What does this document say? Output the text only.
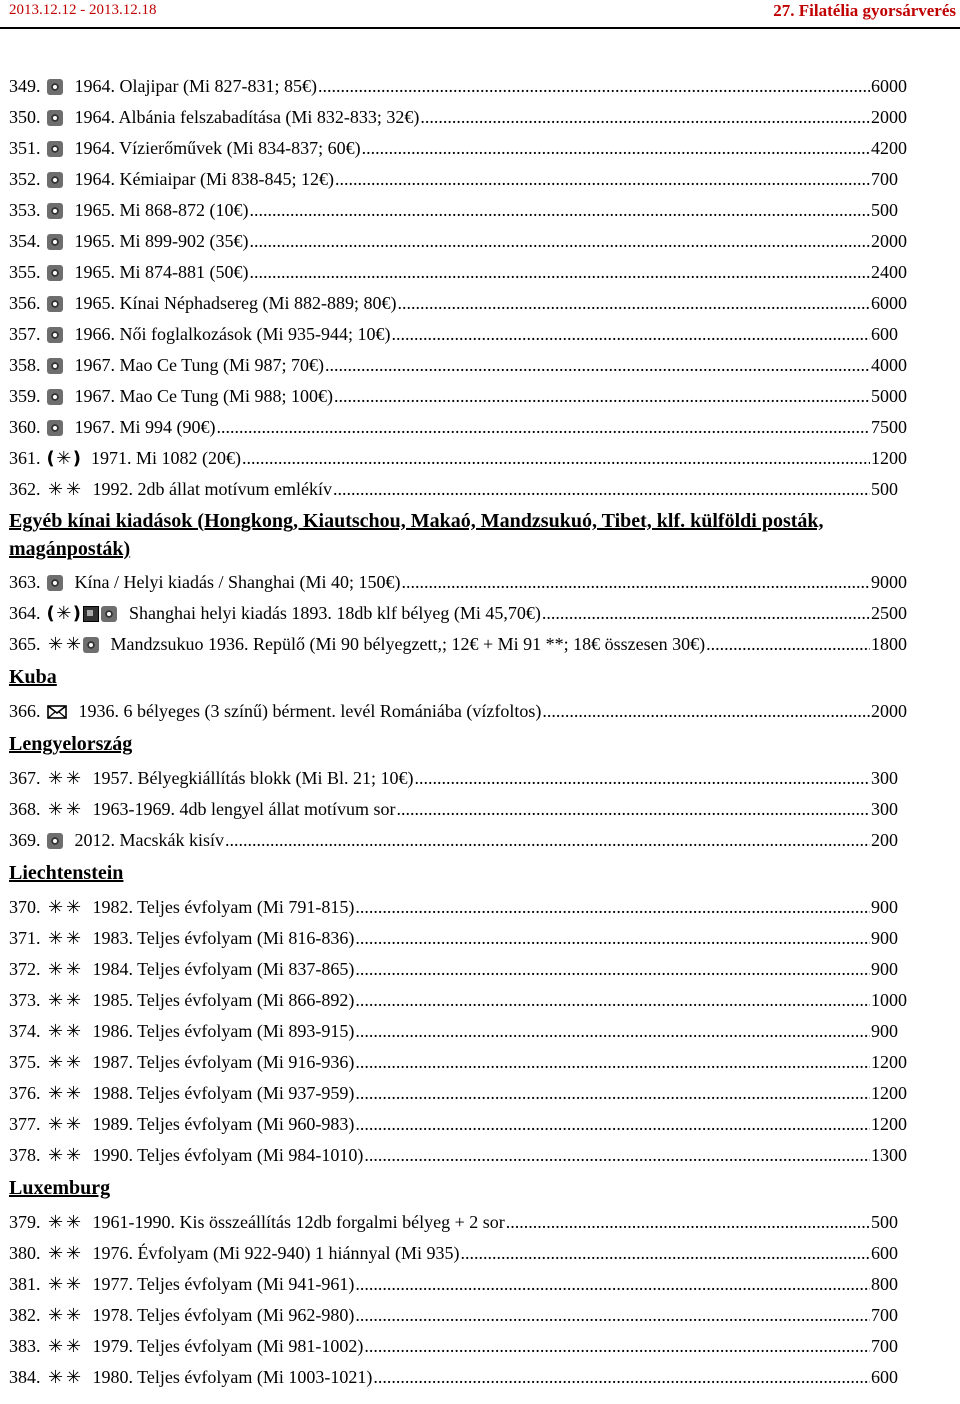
2013.12.12 - 2013.12.18	27. Filatélia gyorsárverés
349. 1964. Olajipar (Mi 827-831; 85€) .....	6000
350. 1964. Albánia felszabadítása (Mi 832-833; 32€) .....	2000
351. 1964. Vízierőművek (Mi 834-837; 60€) .....	4200
352. 1964. Kémiaipar (Mi 838-845; 12€) .....	700
353. 1965. Mi 868-872 (10€) .....	500
354. 1965. Mi 899-902 (35€) .....	2000
355. 1965. Mi 874-881 (50€) .....	2400
356. 1965. Kínai Néphadsereg (Mi 882-889; 80€) .....	6000
357. 1966. Női foglalkozások (Mi 935-944; 10€) .....	600
358. 1967. Mao Ce Tung (Mi 987; 70€) .....	4000
359. 1967. Mao Ce Tung (Mi 988; 100€) .....	5000
360. 1967. Mi 994 (90€) .....	7500
361. ( ✳ ) 1971. Mi 1082 (20€) .....	1200
362. ✳ ✳ 1992. 2db állat motívum emlékív .....	500
Egyéb kínai kiadások (Hongkong, Kiautschou, Makaó, Mandzsukuó, Tibet, klf. külföldi posták, magánposták)
363. Kína / Helyi kiadás / Shanghai (Mi 40; 150€) .....	9000
364. ( ✳ )	Shanghai helyi kiadás 1893. 18db klf bélyeg (Mi 45,70€) .....	2500
365. ✳ ✳ Mandzsukuo 1936. Repülő (Mi 90 bélyegzett,; 12€ + Mi 91 **; 18€ összesen 30€) .....	1800
Kuba
366. 1936. 6 bélyeges (3 színű) bérment. levél Romániába (vízfoltos) .....	2000
Lengyelország
367. ✳ ✳ 1957. Bélyegkiállítás blokk (Mi Bl. 21; 10€) .....	300
368. ✳ ✳ 1963-1969. 4db lengyel állat motívum sor .....	300
369. 2012. Macskák kisív .....	200
Liechtenstein
370. ✳ ✳ 1982. Teljes évfolyam (Mi 791-815) .....	900
371. ✳ ✳ 1983. Teljes évfolyam (Mi 816-836) .....	900
372. ✳ ✳ 1984. Teljes évfolyam (Mi 837-865) .....	900
373. ✳ ✳ 1985. Teljes évfolyam (Mi 866-892) .....	1000
374. ✳ ✳ 1986. Teljes évfolyam (Mi 893-915) .....	900
375. ✳ ✳ 1987. Teljes évfolyam (Mi 916-936) .....	1200
376. ✳ ✳ 1988. Teljes évfolyam (Mi 937-959) .....	1200
377. ✳ ✳ 1989. Teljes évfolyam (Mi 960-983) .....	1200
378. ✳ ✳ 1990. Teljes évfolyam (Mi 984-1010) .....	1300
Luxemburg
379. ✳ ✳ 1961-1990. Kis összeállítás 12db forgalmi bélyeg + 2 sor .....	500
380. ✳ ✳ 1976. Évfolyam (Mi 922-940) 1 hiánnyal (Mi 935) .....	600
381. ✳ ✳ 1977. Teljes évfolyam (Mi 941-961) .....	800
382. ✳ ✳ 1978. Teljes évfolyam (Mi 962-980) .....	700
383. ✳ ✳ 1979. Teljes évfolyam (Mi 981-1002) .....	700
384. ✳ ✳ 1980. Teljes évfolyam (Mi 1003-1021) .....	600
